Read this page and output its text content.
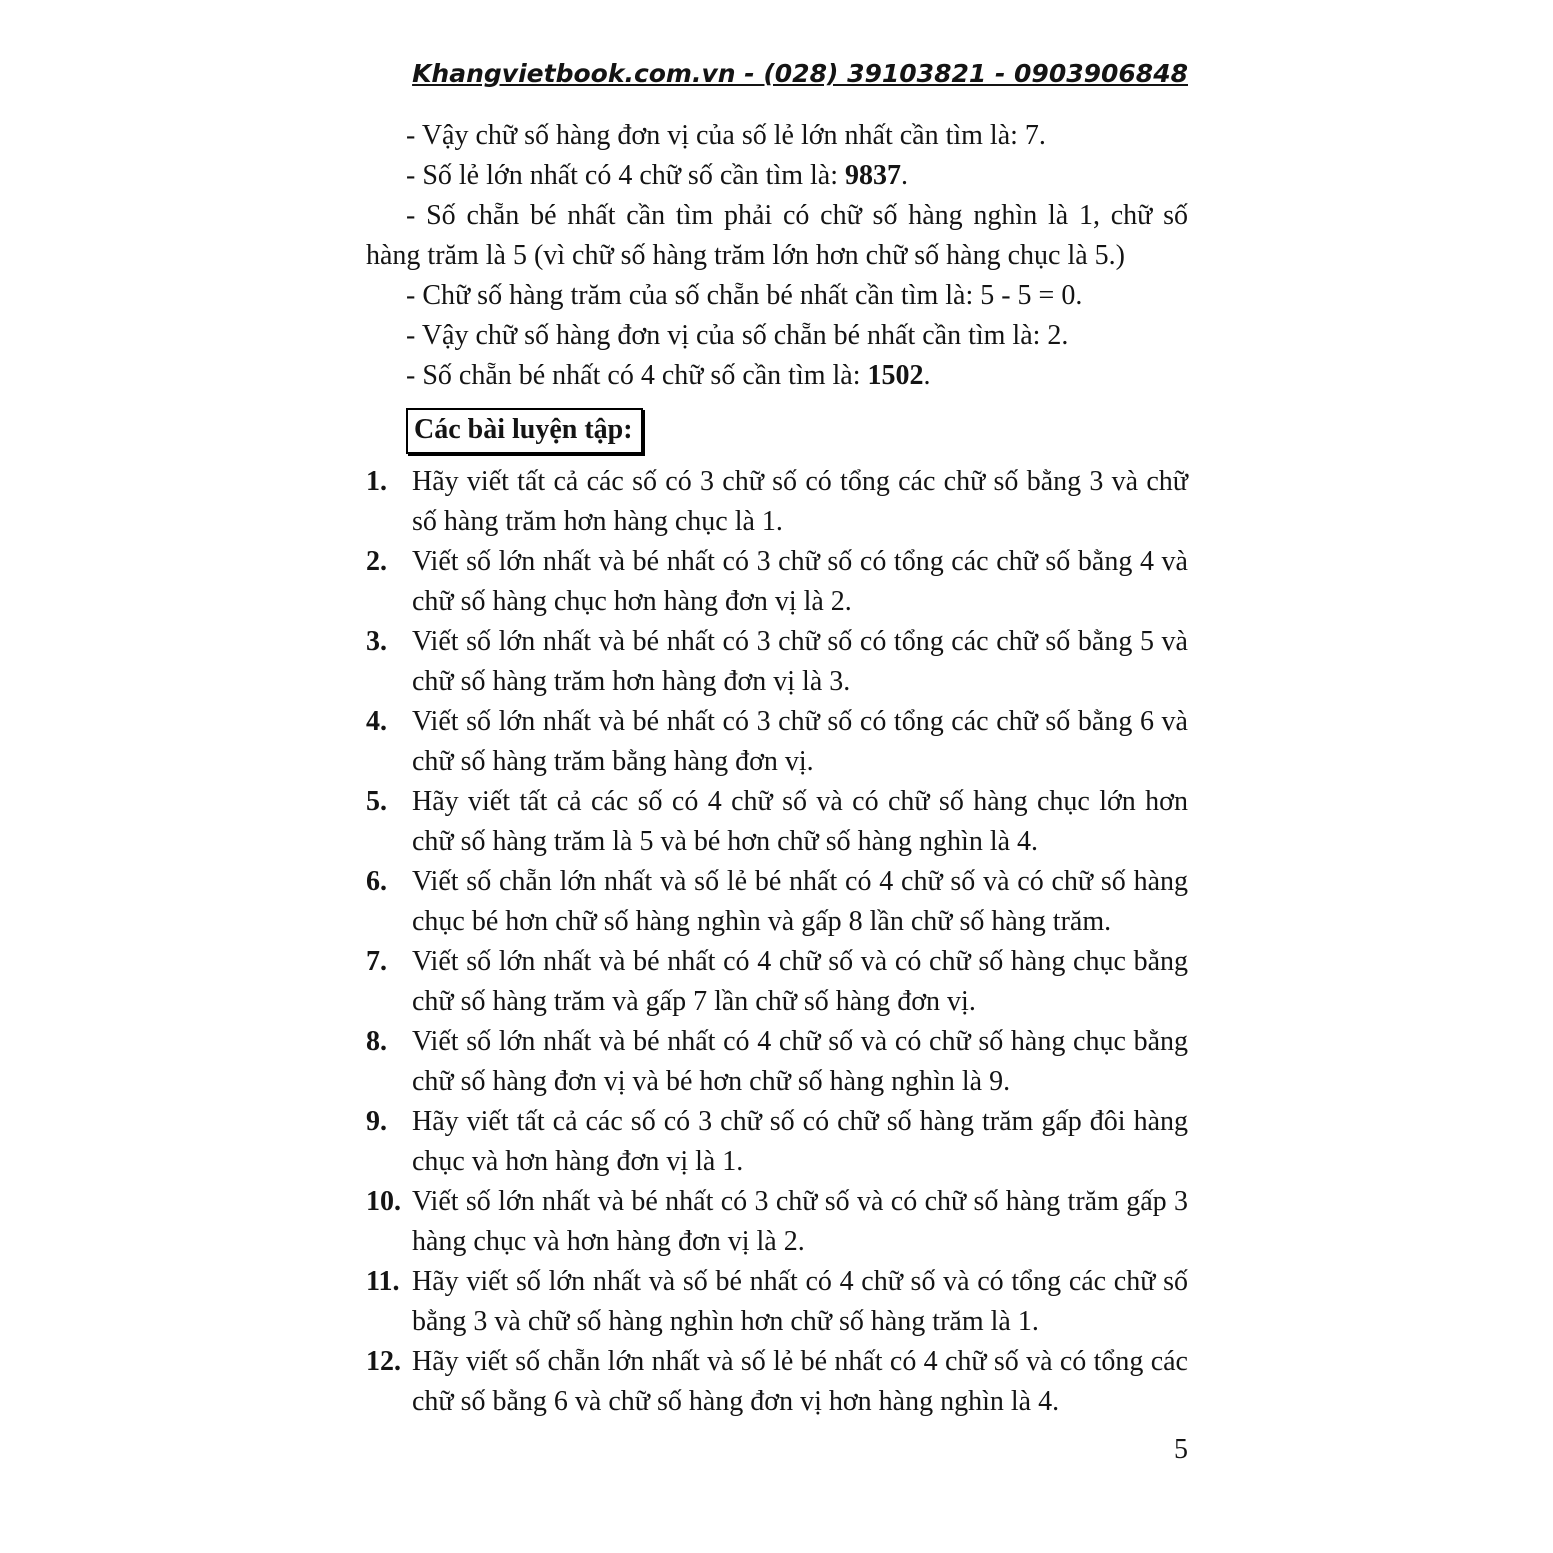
Khangvietbook.com.vn - (028) 39103821 - 0903906848

- Vậy chữ số hàng đơn vị của số lẻ lớn nhất cần tìm là: 7.

- Số lẻ lớn nhất có 4 chữ số cần tìm là: 9837.

- Số chẵn bé nhất cần tìm phải có chữ số hàng nghìn là 1, chữ số hàng trăm là 5 (vì chữ số hàng trăm lớn hơn chữ số hàng chục là 5.)

- Chữ số hàng trăm của số chẵn bé nhất cần tìm là: 5 - 5 = 0.

- Vậy chữ số hàng đơn vị của số chẵn bé nhất cần tìm là: 2.

- Số chẵn bé nhất có 4 chữ số cần tìm là: 1502.

Các bài luyện tập:

1. Hãy viết tất cả các số có 3 chữ số có tổng các chữ số bằng 3 và chữ số hàng trăm hơn hàng chục là 1.

2. Viết số lớn nhất và bé nhất có 3 chữ số có tổng các chữ số bằng 4 và chữ số hàng chục hơn hàng đơn vị là 2.

3. Viết số lớn nhất và bé nhất có 3 chữ số có tổng các chữ số bằng 5 và chữ số hàng trăm hơn hàng đơn vị là 3.

4. Viết số lớn nhất và bé nhất có 3 chữ số có tổng các chữ số bằng 6 và chữ số hàng trăm bằng hàng đơn vị.

5. Hãy viết tất cả các số có 4 chữ số và có chữ số hàng chục lớn hơn chữ số hàng trăm là 5 và bé hơn chữ số hàng nghìn là 4.

6. Viết số chẵn lớn nhất và số lẻ bé nhất có 4 chữ số và có chữ số hàng chục bé hơn chữ số hàng nghìn và gấp 8 lần chữ số hàng trăm.

7. Viết số lớn nhất và bé nhất có 4 chữ số và có chữ số hàng chục bằng chữ số hàng trăm và gấp 7 lần chữ số hàng đơn vị.

8. Viết số lớn nhất và bé nhất có 4 chữ số và có chữ số hàng chục bằng chữ số hàng đơn vị và bé hơn chữ số hàng nghìn là 9.

9. Hãy viết tất cả các số có 3 chữ số có chữ số hàng trăm gấp đôi hàng chục và hơn hàng đơn vị là 1.

10. Viết số lớn nhất và bé nhất có 3 chữ số và có chữ số hàng trăm gấp 3 hàng chục và hơn hàng đơn vị là 2.

11. Hãy viết số lớn nhất và số bé nhất có 4 chữ số và có tổng các chữ số bằng 3 và chữ số hàng nghìn hơn chữ số hàng trăm là 1.

12. Hãy viết số chẵn lớn nhất và số lẻ bé nhất có 4 chữ số và có tổng các chữ số bằng 6 và chữ số hàng đơn vị hơn hàng nghìn là 4.

5
